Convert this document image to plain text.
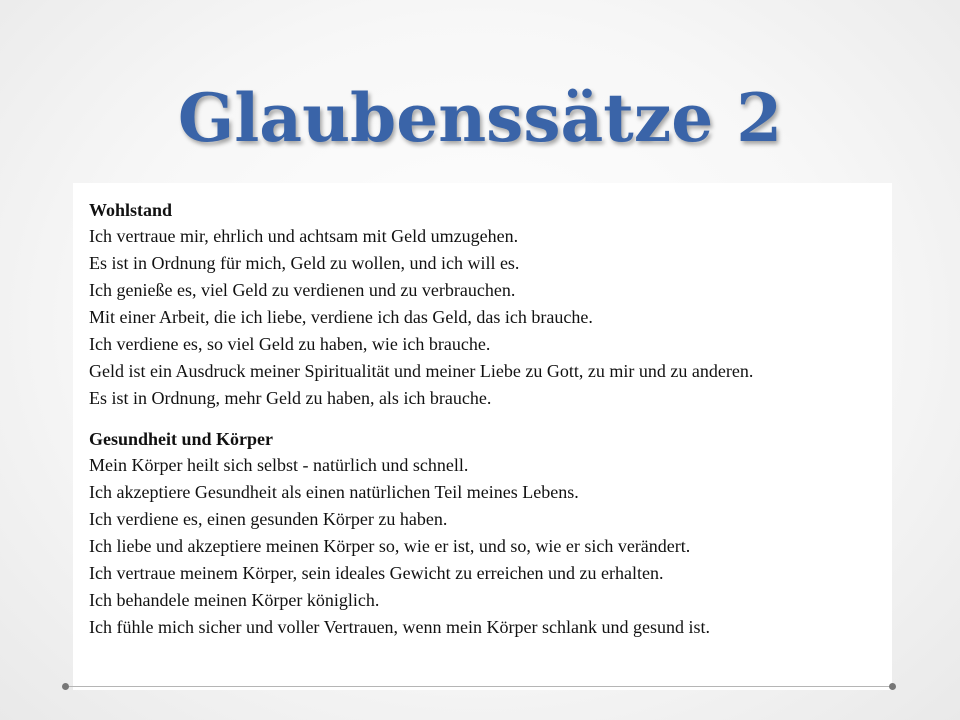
Glaubenssätze 2
Wohlstand
Ich vertraue mir, ehrlich und achtsam mit Geld umzugehen.
Es ist in Ordnung für mich, Geld zu wollen, und ich will es.
Ich genieße es, viel Geld zu verdienen und zu verbrauchen.
Mit einer Arbeit, die ich liebe, verdiene ich das Geld, das ich brauche.
Ich verdiene es, so viel Geld zu haben, wie ich brauche.
Geld ist ein Ausdruck meiner Spiritualität und meiner Liebe zu Gott, zu mir und zu anderen.
Es ist in Ordnung, mehr Geld zu haben, als ich brauche.
Gesundheit und Körper
Mein Körper heilt sich selbst - natürlich und schnell.
Ich akzeptiere Gesundheit als einen natürlichen Teil meines Lebens.
Ich verdiene es, einen gesunden Körper zu haben.
Ich liebe und akzeptiere meinen Körper so, wie er ist, und so, wie er sich verändert.
Ich vertraue meinem Körper, sein ideales Gewicht zu erreichen und zu erhalten.
Ich behandele meinen Körper königlich.
Ich fühle mich sicher und voller Vertrauen, wenn mein Körper schlank und gesund ist.
